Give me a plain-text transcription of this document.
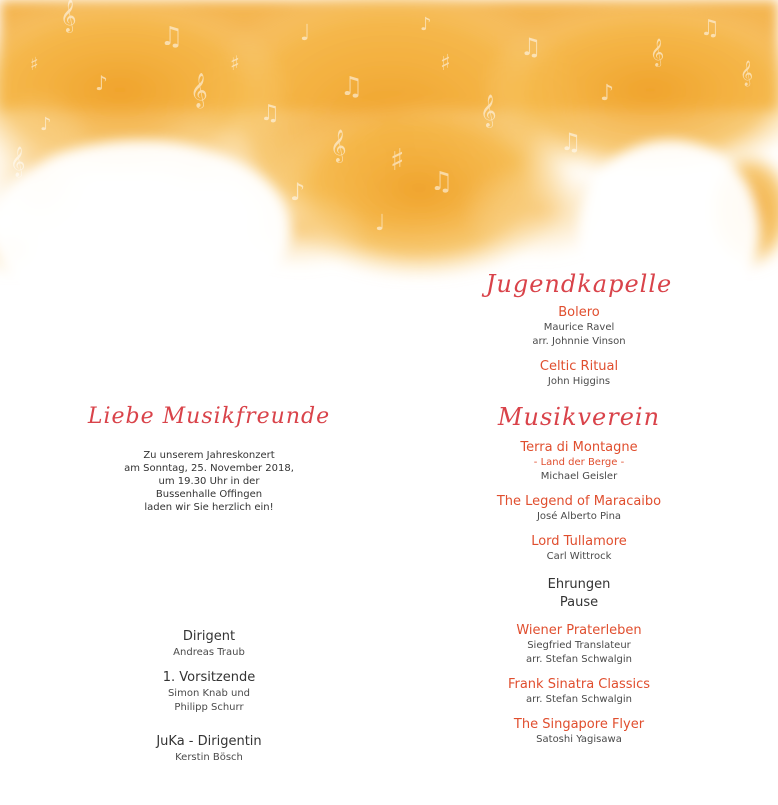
𝄞
♫
♯
♯
𝄞
♪
♫
♩
♫
♯
𝄞
♫
♪
♯
♪
𝄞
♫
♫
♪
𝄞
♫
𝄞
𝄞
♪
♩
Liebe Musikfreunde
Zu unserem Jahreskonzert
am Sonntag, 25. November 2018,
um 19.30 Uhr in der
Bussenhalle Offingen
laden wir Sie herzlich ein!
Dirigent
Andreas Traub
1. Vorsitzende
Simon Knab und
Philipp Schurr
JuKa - Dirigentin
Kerstin Bösch
Jugendkapelle
Bolero
Maurice Ravel
arr. Johnnie Vinson
Celtic Ritual
John Higgins
Musikverein
Terra di Montagne
- Land der Berge -
Michael Geisler
The Legend of Maracaibo
José Alberto Pina
Lord Tullamore
Carl Wittrock
Ehrungen
Pause
Wiener Praterleben
Siegfried Translateur
arr. Stefan Schwalgin
Frank Sinatra Classics
arr. Stefan Schwalgin
The Singapore Flyer
Satoshi Yagisawa
